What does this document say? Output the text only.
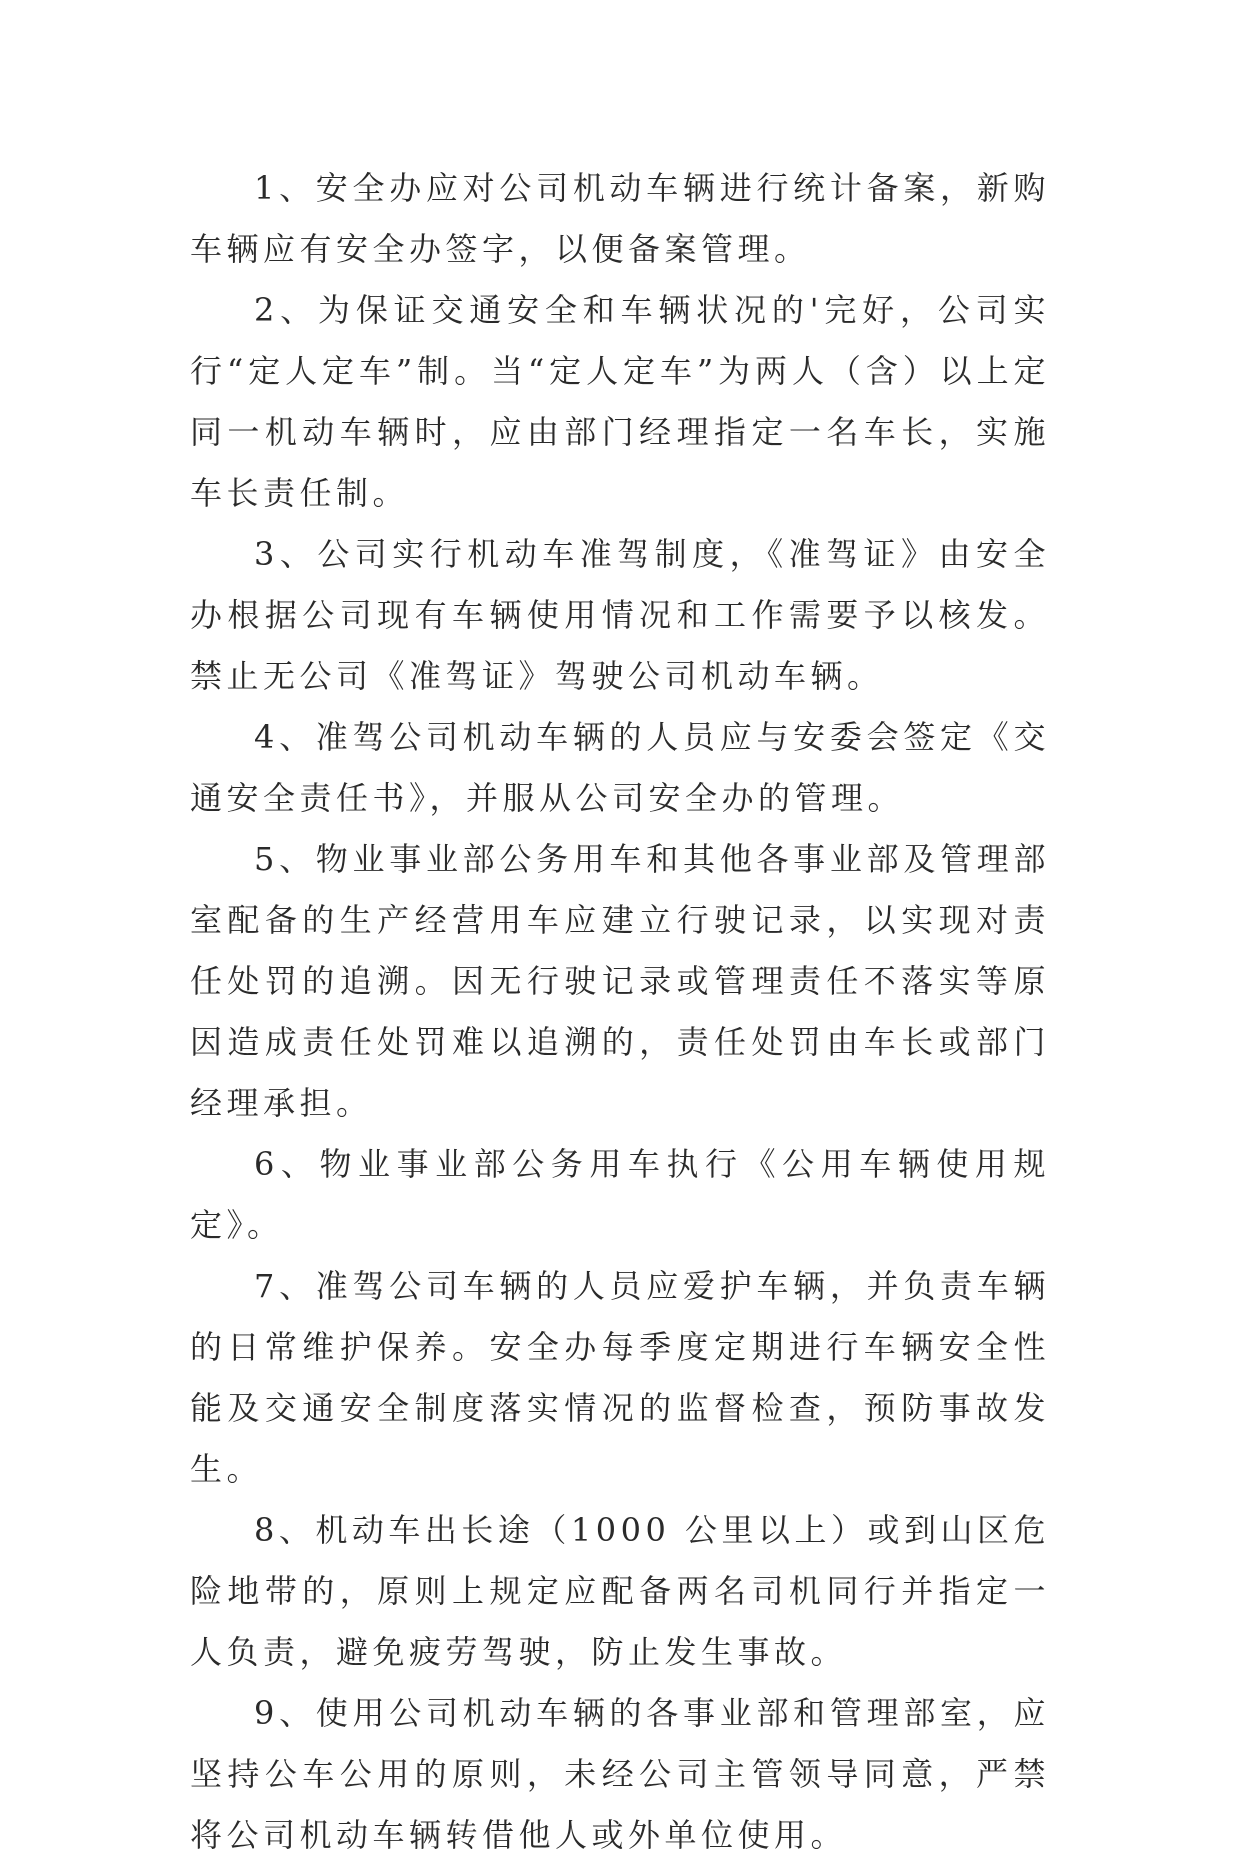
1、安全办应对公司机动车辆进行统计备案，新购车辆应有安全办签字，以便备案管理。

2、为保证交通安全和车辆状况的'完好，公司实行“定人定车”制。当“定人定车”为两人（含）以上定同一机动车辆时，应由部门经理指定一名车长，实施车长责任制。

3、公司实行机动车准驾制度，《准驾证》由安全办根据公司现有车辆使用情况和工作需要予以核发。禁止无公司《准驾证》驾驶公司机动车辆。

4、准驾公司机动车辆的人员应与安委会签定《交通安全责任书》，并服从公司安全办的管理。

5、物业事业部公务用车和其他各事业部及管理部室配备的生产经营用车应建立行驶记录，以实现对责任处罚的追溯。因无行驶记录或管理责任不落实等原因造成责任处罚难以追溯的，责任处罚由车长或部门经理承担。

6、物业事业部公务用车执行《公用车辆使用规定》。

7、准驾公司车辆的人员应爱护车辆，并负责车辆的日常维护保养。安全办每季度定期进行车辆安全性能及交通安全制度落实情况的监督检查，预防事故发生。

8、机动车出长途（1000 公里以上）或到山区危险地带的，原则上规定应配备两名司机同行并指定一人负责，避免疲劳驾驶，防止发生事故。

9、使用公司机动车辆的各事业部和管理部室，应坚持公车公用的原则，未经公司主管领导同意，严禁将公司机动车辆转借他人或外单位使用。
